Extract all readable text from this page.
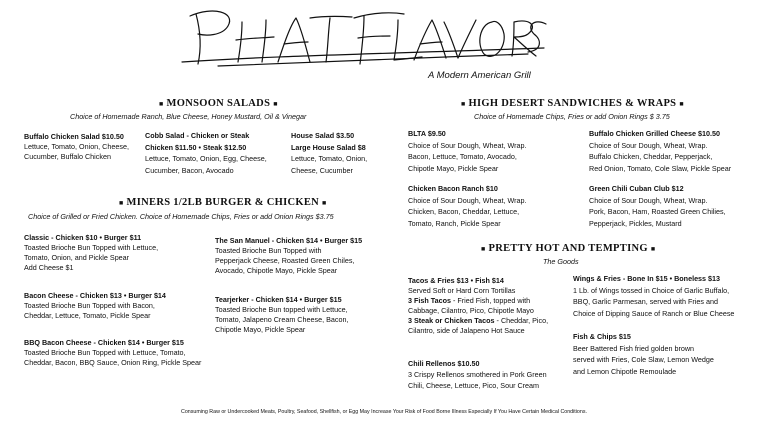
A Modern American Grill
■ MONSOON SALADS ■
Choice of Homemade Ranch, Blue Cheese, Honey Mustard, Oil & Vinegar
Buffalo Chicken Salad $10.50
Lettuce, Tomato, Onion, Cheese,
Cucumber, Buffalo Chicken
Cobb Salad - Chicken or Steak
Chicken $11.50 • Steak $12.50
Lettuce, Tomato, Onion, Egg, Cheese,
Cucumber, Bacon, Avocado
House Salad $3.50
Large House Salad $8
Lettuce, Tomato, Onion,
Cheese, Cucumber
■ MINERS 1/2LB BURGER & CHICKEN ■
Choice of Grilled or Fried Chicken. Choice of Homemade Chips, Fries or add Onion Rings $3.75
Classic - Chicken $10 • Burger $11
Toasted Brioche Bun Topped with Lettuce,
Tomato, Onion, and Pickle Spear
Add Cheese $1
The San Manuel - Chicken $14 • Burger $15
Toasted Brioche Bun Topped with
Pepperjack Cheese, Roasted Green Chiles,
Avocado, Chipotle Mayo, Pickle Spear
Bacon Cheese - Chicken $13 • Burger $14
Toasted Brioche Bun Topped with Bacon,
Cheddar, Lettuce, Tomato, Pickle Spear
Tearjerker - Chicken $14 • Burger $15
Toasted Brioche Bun topped with Lettuce,
Tomato, Jalapeno Cream Cheese, Bacon,
Chipotle Mayo, Pickle Spear
BBQ Bacon Cheese - Chicken $14 • Burger $15
Toasted Brioche Bun Topped with Lettuce, Tomato,
Cheddar, Bacon, BBQ Sauce, Onion Ring, Pickle Spear
■ HIGH DESERT SANDWICHES & WRAPS ■
Choice of Homemade Chips, Fries or add Onion Rings $ 3.75
BLTA $9.50
Choice of Sour Dough, Wheat, Wrap.
Bacon, Lettuce, Tomato, Avocado,
Chipotle Mayo, Pickle Spear
Buffalo Chicken Grilled Cheese $10.50
Choice of Sour Dough, Wheat, Wrap.
Buffalo Chicken, Cheddar, Pepperjack,
Red Onion, Tomato, Cole Slaw, Pickle Spear
Chicken Bacon Ranch $10
Choice of Sour Dough, Wheat, Wrap.
Chicken, Bacon, Cheddar, Lettuce,
Tomato, Ranch, Pickle Spear
Green Chili Cuban Club $12
Choice of Sour Dough, Wheat, Wrap.
Pork, Bacon, Ham, Roasted Green Chilies,
Pepperjack, Pickles, Mustard
■ PRETTY HOT AND TEMPTING ■
The Goods
Tacos & Fries $13 • Fish $14
Served Soft or Hard Corn Tortillas
3 Fish Tacos - Fried Fish, topped with
Cabbage, Cilantro, Pico, Chipotle Mayo
3 Steak or Chicken Tacos - Cheddar, Pico,
Cilantro, side of Jalapeno Hot Sauce
Chili Rellenos $10.50
3 Crispy Rellenos smothered in Pork Green
Chili, Cheese, Lettuce, Pico, Sour Cream
Wings & Fries - Bone In $15 • Boneless $13
1 Lb. of Wings tossed in Choice of Garlic Buffalo,
BBQ, Garlic Parmesan, served with Fries and
Choice of Dipping Sauce of Ranch or Blue Cheese
Fish & Chips $15
Beer Battered Fish fried golden brown
served with Fries, Cole Slaw, Lemon Wedge
and Lemon Chipotle Remoulade
Consuming Raw or Undercooked Meats, Poultry, Seafood, Shellfish, or Egg May Increase Your Risk of Food Borne Illness Especially If You Have Certain Medical Conditions.
